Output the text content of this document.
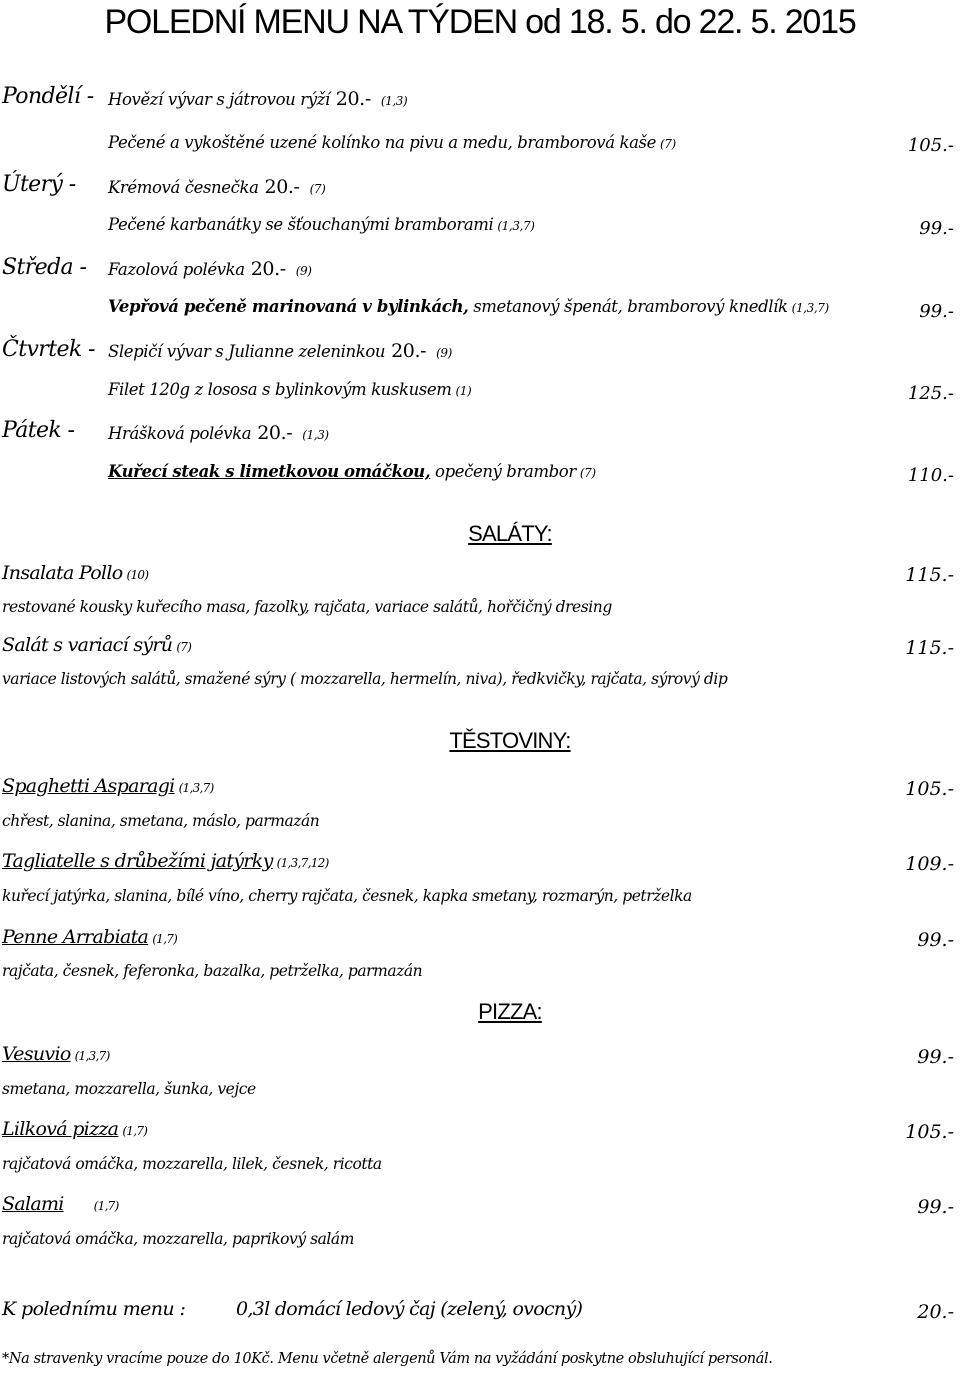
POLEDNÍ MENU NA TÝDEN od 18. 5. do 22. 5. 2015
Pondělí - Hovězí vývar s játrovou rýží 20.- (1,3)
Pečené a vykoštěné uzené kolínko na pivu a medu, bramborová kaše (7)	105.-
Úterý - Krémová česnečka 20.- (7)
Pečené karbanátky se šťouchanými bramborami (1,3,7)	99.-
Středa - Fazolová polévka 20.- (9)
Vepřová pečeně marinovaná v bylinkách, smetanový špenát, bramborový knedlík (1,3,7)	99.-
Čtvrtek - Slepičí vývar s Julianne zeleninkou 20.- (9)
Filet 120g z lososa s bylinkovým kuskusem (1)	125.-
Pátek - Hrášková polévka 20.- (1,3)
Kuřecí steak s limetkovou omáčkou, opečený brambor (7)	110.-
SALÁTY:
Insalata Pollo (10)	115.-
restované kousky kuřecího masa, fazolky, rajčata, variace salátů, hořčičný dresing
Salát s variací sýrů (7)	115.-
variace listových salátů, smažené sýry ( mozzarella, hermelín, niva), ředkvičky, rajčata, sýrový dip
TĚSTOVINY:
Spaghetti Asparagi (1,3,7)	105.-
chřest, slanina, smetana, máslo, parmazán
Tagliatelle s drůbežími jatýrky (1,3,7,12)	109.-
kuřecí jatýrka, slanina, bílé víno, cherry rajčata, česnek, kapka smetany, rozmarýn, petrželka
Penne Arrabiata (1,7)	99.-
rajčata, česnek, feferonka, bazalka, petrželka, parmazán
PIZZA:
Vesuvio (1,3,7)	99.-
smetana, mozzarella, šunka, vejce
Lilková pizza (1,7)	105.-
rajčatová omáčka, mozzarella, lilek, česnek, ricotta
Salami	(1,7)	99.-
rajčatová omáčka, mozzarella, paprikový salám
K polednímu menu :	0,3l domácí ledový čaj (zelený, ovocný)	20.-
*Na stravenky vracíme pouze do 10Kč. Menu včetně alergenů Vám na vyžádání poskytne obsluhující personál.
